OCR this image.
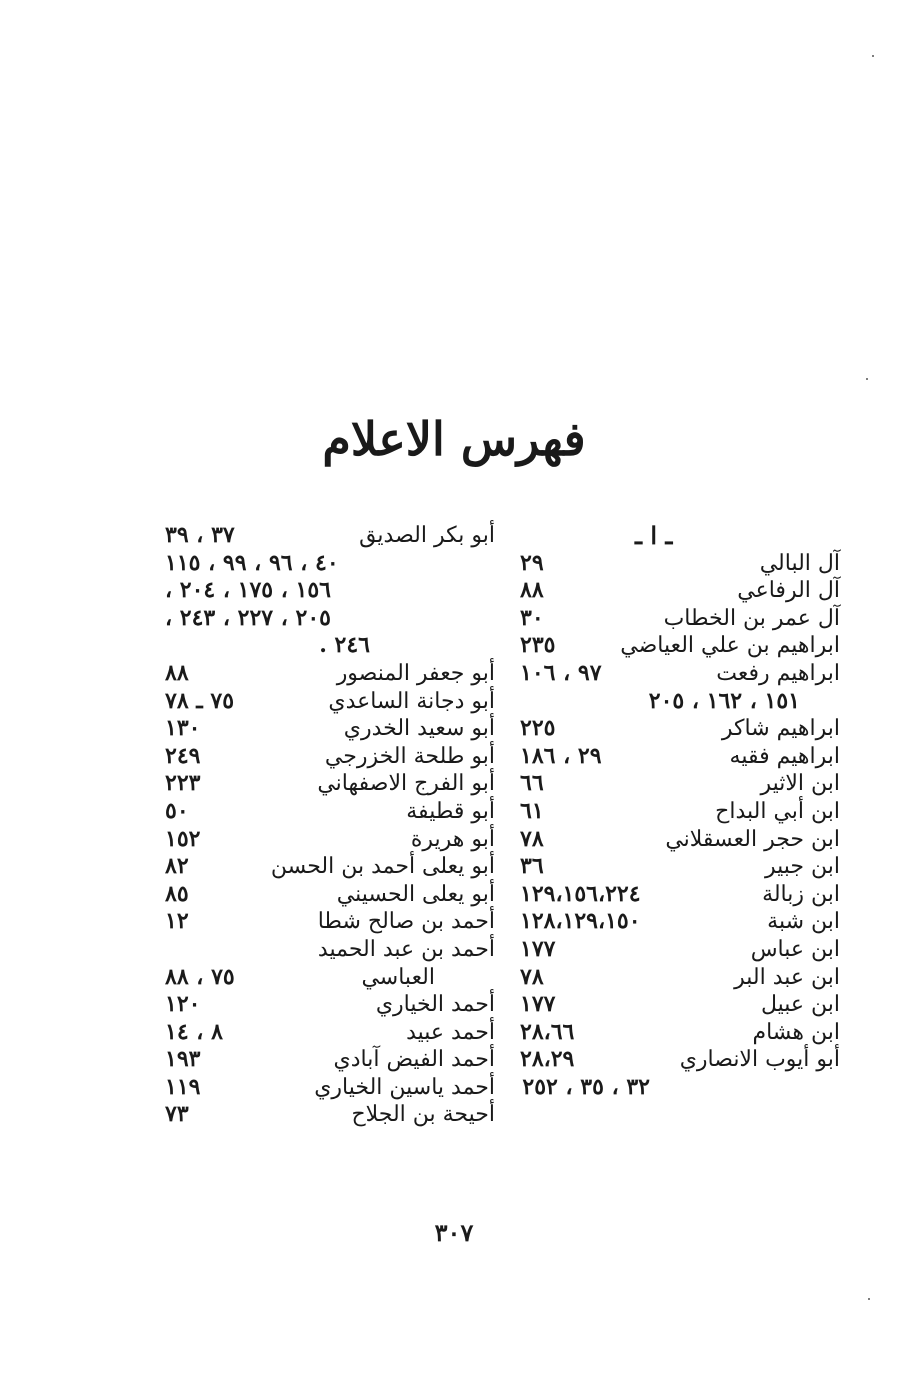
فهرس الاعلام
ـ ا ـ
آل البالي
٢٩
آل الرفاعي
٨٨
آل عمر بن الخطاب
٣٠
ابراهيم بن علي العياضي
٢٣٥
ابراهيم رفعت
٩٧ ، ١٠٦
١٥١ ، ١٦٢ ، ٢٠٥
ابراهيم شاكر
٢٢٥
ابراهيم فقيه
٢٩ ، ١٨٦
ابن الاثير
٦٦
ابن أبي البداح
٦١
ابن حجر العسقلاني
٧٨
ابن جبير
٣٦
ابن زبالة
١٢٩،١٥٦،٢٢٤
ابن شبة
١٢٨،١٢٩،١٥٠
ابن عباس
١٧٧
ابن عبد البر
٧٨
ابن عبيل
١٧٧
ابن هشام
٢٨،٦٦
أبو أيوب الانصاري
٢٨،٢٩
٣٢ ، ٣٥ ، ٢٥٢
أبو بكر الصديق
٣٧ ، ٣٩
٤٠ ، ٩٦ ، ٩٩ ، ١١٥
١٥٦ ، ١٧٥ ، ٢٠٤ ،
٢٠٥ ، ٢٢٧ ، ٢٤٣ ،
٢٤٦ .
أبو جعفر المنصور
٨٨
أبو دجانة الساعدي
٧٥ ـ ٧٨
أبو سعيد الخدري
١٣٠
أبو طلحة الخزرجي
٢٤٩
أبو الفرج الاصفهاني
٢٢٣
أبو قطيفة
٥٠
أبو هريرة
١٥٢
أبو يعلى أحمد بن الحسن
٨٢
أبو يعلى الحسيني
٨٥
أحمد بن صالح شطا
١٢
أحمد بن عبد الحميد
العباسي
٧٥ ، ٨٨
أحمد الخياري
١٢٠
أحمد عبيد
٨ ، ١٤
أحمد الفيض آبادي
١٩٣
أحمد ياسين الخياري
١١٩
أحيحة بن الجلاح
٧٣
٣٠٧
